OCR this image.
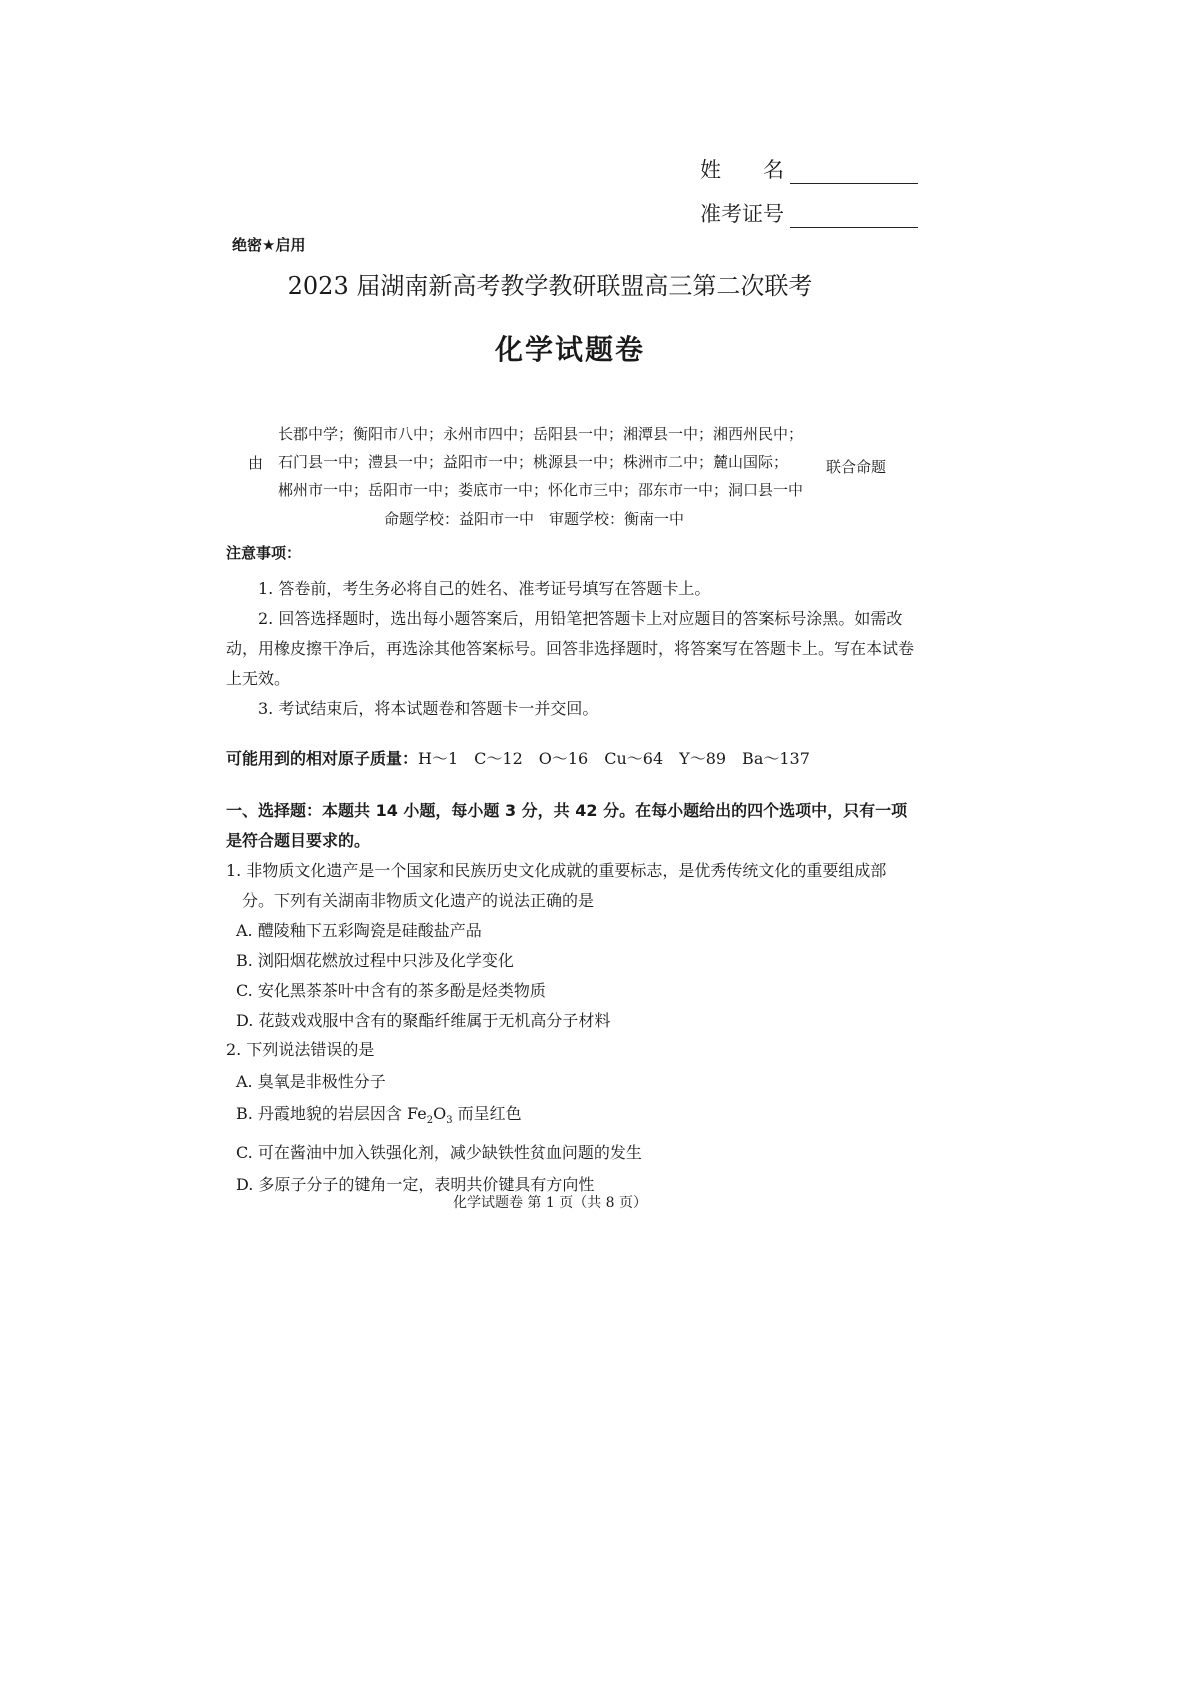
姓　　名
准考证号
绝密★启用
2023 届湖南新高考教学教研联盟高三第二次联考
化学试题卷
由

长郡中学；衡阳市八中；永州市四中；岳阳县一中；湘潭县一中；湘西州民中；

石门县一中；澧县一中；益阳市一中；桃源县一中；株洲市二中；麓山国际；

郴州市一中；岳阳市一中；娄底市一中；怀化市三中；邵东市一中；洞口县一中

联合命题
命题学校：益阳市一中　审题学校：衡南一中
注意事项：

1. 答卷前，考生务必将自己的姓名、准考证号填写在答题卡上。

2. 回答选择题时，选出每小题答案后，用铅笔把答题卡上对应题目的答案标号涂黑。如需改动，用橡皮擦干净后，再选涂其他答案标号。回答非选择题时，将答案写在答题卡上。写在本试卷上无效。

3. 考试结束后，将本试题卷和答题卡一并交回。

可能用到的相对原子质量：H～1　C～12　O～16　Cu～64　Y～89　Ba～137
一、选择题：本题共 14 小题，每小题 3 分，共 42 分。在每小题给出的四个选项中，只有一项是符合题目要求的。

1. 非物质文化遗产是一个国家和民族历史文化成就的重要标志，是优秀传统文化的重要组成部

分。下列有关湖南非物质文化遗产的说法正确的是

A. 醴陵釉下五彩陶瓷是硅酸盐产品

B. 浏阳烟花燃放过程中只涉及化学变化

C. 安化黑茶茶叶中含有的茶多酚是烃类物质

D. 花鼓戏戏服中含有的聚酯纤维属于无机高分子材料

2. 下列说法错误的是

A. 臭氧是非极性分子

B. 丹霞地貌的岩层因含 $Fe_2O_3$ 而呈红色

C. 可在酱油中加入铁强化剂，减少缺铁性贫血问题的发生

D. 多原子分子的键角一定，表明共价键具有方向性

化学试题卷 第 1 页（共 8 页）
